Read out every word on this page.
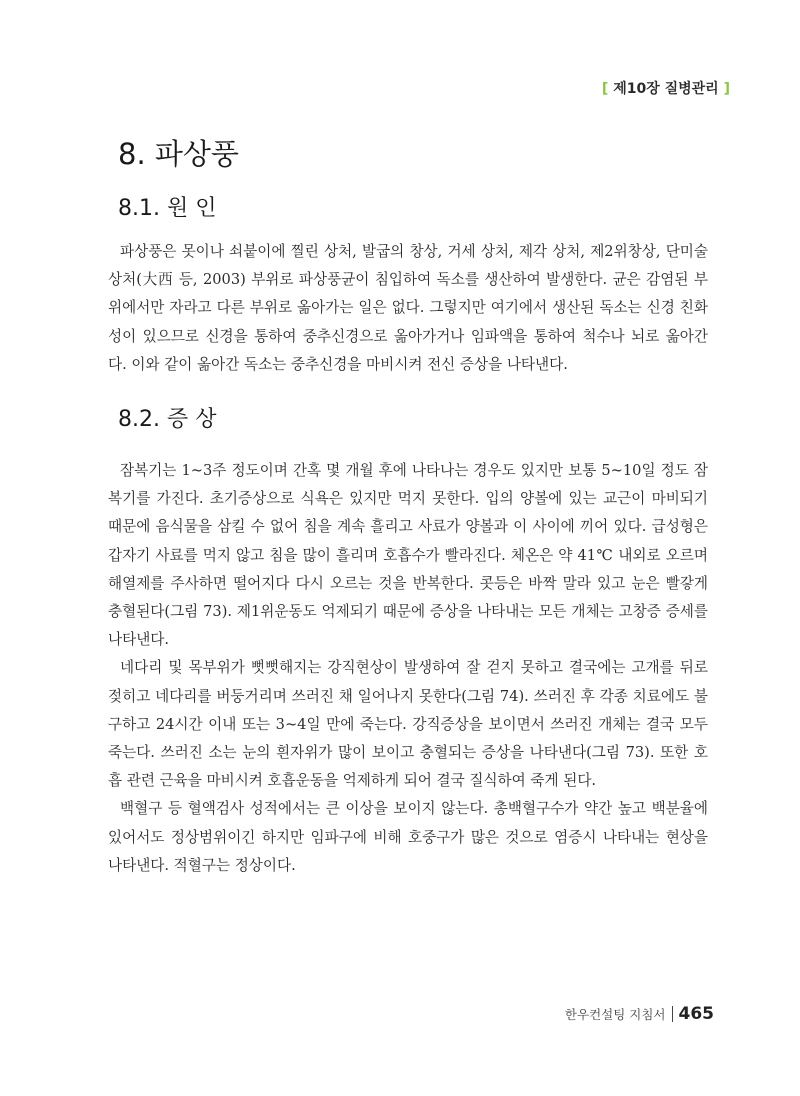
[ 제10장 질병관리 ]
8. 파상풍
8.1. 원 인

파상풍은 못이나 쇠붙이에 찔린 상처, 발굽의 창상, 거세 상처, 제각 상처, 제2위창상, 단미술 상처(大西 등, 2003) 부위로 파상풍균이 침입하여 독소를 생산하여 발생한다. 균은 감염된 부위에서만 자라고 다른 부위로 옮아가는 일은 없다. 그렇지만 여기에서 생산된 독소는 신경 친화성이 있으므로 신경을 통하여 중추신경으로 옮아가거나 임파액을 통하여 척수나 뇌로 옮아간다. 이와 같이 옮아간 독소는 중추신경을 마비시켜 전신 증상을 나타낸다.

8.2. 증 상

잠복기는 1~3주 정도이며 간혹 몇 개월 후에 나타나는 경우도 있지만 보통 5~10일 정도 잠복기를 가진다. 초기증상으로 식욕은 있지만 먹지 못한다. 입의 양볼에 있는 교근이 마비되기 때문에 음식물을 삼킬 수 없어 침을 계속 흘리고 사료가 양볼과 이 사이에 끼어 있다. 급성형은 갑자기 사료를 먹지 않고 침을 많이 흘리며 호흡수가 빨라진다. 체온은 약 41℃ 내외로 오르며 해열제를 주사하면 떨어지다 다시 오르는 것을 반복한다. 콧등은 바짝 말라 있고 눈은 빨갛게 충혈된다(그림 73). 제1위운동도 억제되기 때문에 증상을 나타내는 모든 개체는 고창증 증세를 나타낸다.

네다리 및 목부위가 뻣뻣해지는 강직현상이 발생하여 잘 걷지 못하고 결국에는 고개를 뒤로 젖히고 네다리를 버둥거리며 쓰러진 채 일어나지 못한다(그림 74). 쓰러진 후 각종 치료에도 불구하고 24시간 이내 또는 3~4일 만에 죽는다. 강직증상을 보이면서 쓰러진 개체는 결국 모두 죽는다. 쓰러진 소는 눈의 흰자위가 많이 보이고 충혈되는 증상을 나타낸다(그림 73). 또한 호흡 관련 근육을 마비시켜 호흡운동을 억제하게 되어 결국 질식하여 죽게 된다.

백혈구 등 혈액검사 성적에서는 큰 이상을 보이지 않는다. 총백혈구수가 약간 높고 백분율에 있어서도 정상범위이긴 하지만 임파구에 비해 호중구가 많은 것으로 염증시 나타내는 현상을 나타낸다. 적혈구는 정상이다.

한우컨설팅 지침서 465
